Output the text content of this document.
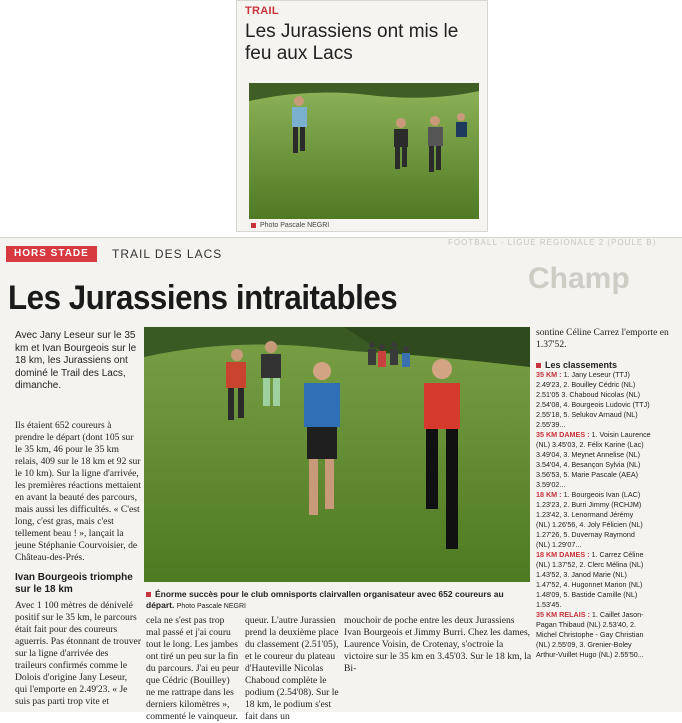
TRAIL
Les Jurassiens ont mis le feu aux Lacs
Photo Pascale NEGRI
FOOTBALL - LIGUE REGIONALE 2 (POULE B)
Champ
HORS STADE	TRAIL DES LACS
Les Jurassiens intraitables
Avec Jany Leseur sur le 35 km et Ivan Bourgeois sur le 18 km, les Jurassiens ont dominé le Trail des Lacs, dimanche.
Ils étaient 652 coureurs à prendre le départ (dont 105 sur le 35 km, 46 pour le 35 km relais, 409 sur le 18 km et 92 sur le 10 km). Sur la ligne d'arrivée, les premières réactions mettaient en avant la beauté des parcours, mais aussi les difficultés. « C'est long, c'est gras, mais c'est tellement beau ! », lançait la jeune Stéphanie Courvoisier, de Château-des-Prés.
Ivan Bourgeois triomphe sur le 18 km
Avec 1 100 mètres de dénivelé positif sur le 35 km, le parcours était fait pour des coureurs aguerris. Pas étonnant de trouver sur la ligne d'arrivée des traileurs confirmés comme le Dolois d'origine Jany Leseur, qui l'emporte en 2.49'23. « Je suis pas parti trop vite et
Énorme succès pour le club omnisports clairvallen organisateur avec 652 coureurs au départ. Photo Pascale NEGRI
cela ne s'est pas trop mal passé et j'ai couru tout le long. Les jambes ont tiré un peu sur la fin du parcours. J'ai eu peur que Cédric (Bouilley) ne me rattrape dans les derniers kilomètres », commenté le vainqueur.
queur. L'autre Jurassien prend la deuxième place du classement (2.51'05), et le coureur du plateau d'Hauteville Nicolas Chaboud complète le podium (2.54'08). Sur le 18 km, le podium s'est fait dans un
mouchoir de poche entre les deux Jurassiens Ivan Bourgeois et Jimmy Burri. Chez les dames, Laurence Voisin, de Crotenay, s'octroie la victoire sur le 35 km en 3.45'03. Sur le 18 km, la Bi-
sontine Céline Carrez l'emporte en 1.37'52.
Les classements
35 KM : 1. Jany Leseur (TTJ)
2.49'23, 2. Bouilley Cédric (NL)
2.51'05 3. Chaboud Nicolas (NL)
2.54'08, 4. Bourgeois Ludovic (TTJ)
2.55'18, 5. Selukov Arnaud (NL)
2.55'39...
35 KM DAMES : 1. Voisin Laurence
(NL) 3.45'03, 2. Félix Karine (Lac)
3.49'04, 3. Meynet Annelise (NL)
3.54'04, 4. Besançon Sylvia (NL)
3.56'53, 5. Marie Pascale (AEA)
3.59'02...
18 KM : 1. Bourgeois Ivan (LAC)
1.23'23, 2. Burri Jimmy (RCHJM)
1.23'42, 3. Lenormand Jérémy
(NL) 1.26'56, 4. Joly Félicien (NL)
1.27'26, 5. Duvernay Raymond
(NL) 1.29'07...
18 KM DAMES : 1. Carrez Céline
(NL) 1.37'52, 2. Clerc Mélina (NL)
1.43'52, 3. Janod Marie (NL)
1.47'52, 4. Hugonnet Marion (NL)
1.48'09, 5. Bastide Camille (NL)
1.53'45.
35 KM RELAIS : 1. Caillet Jason-
Pagan Thibaud (NL) 2.53'40, 2.
Michel Christophe - Gay Christian
(NL) 2.55'09, 3. Grenier-Boley
Arthur-Vuillet Hugo (NL) 2.55'50...
